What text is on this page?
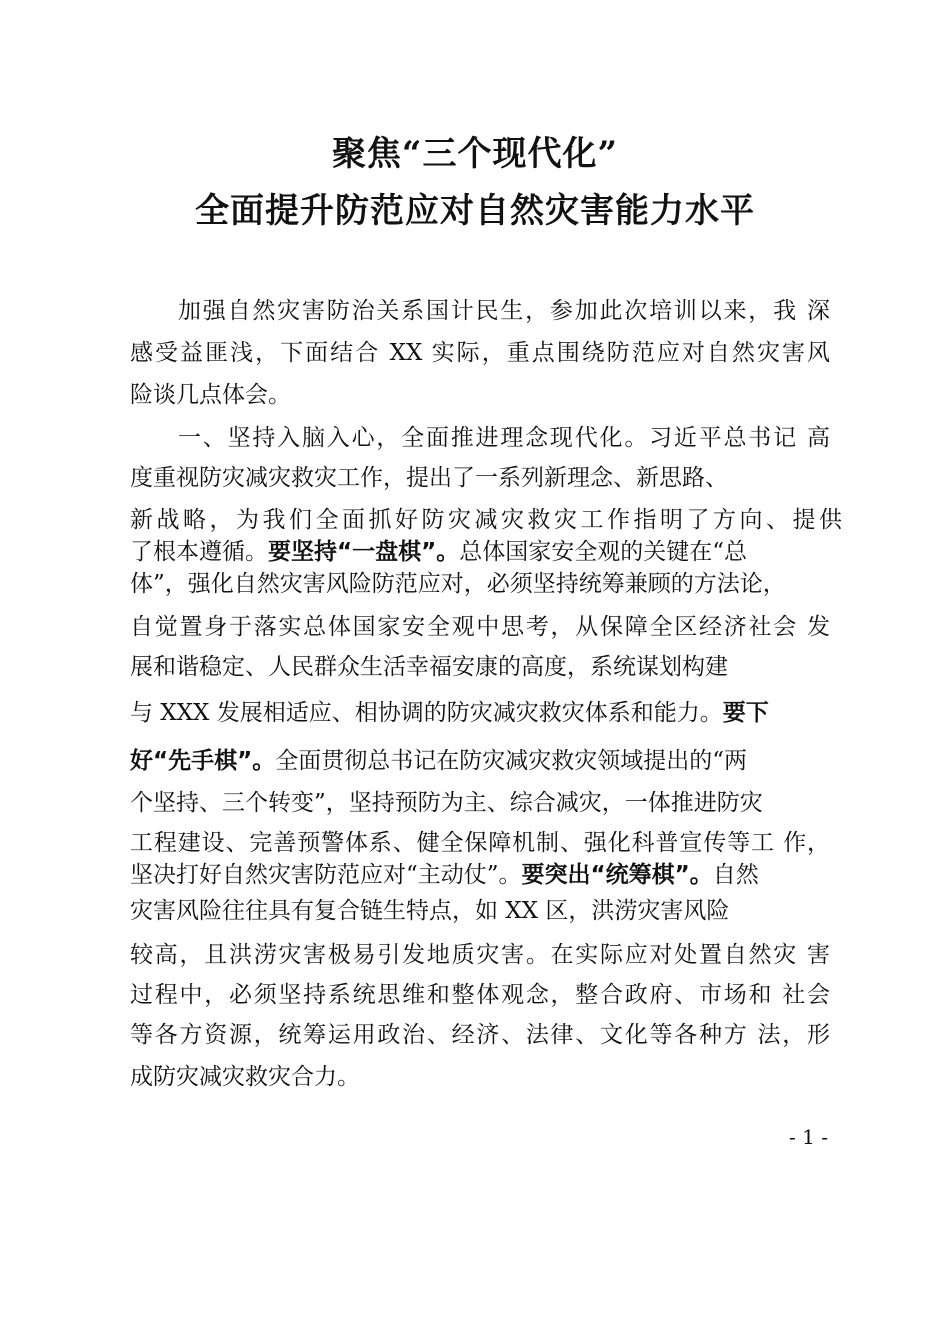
聚焦“三个现代化”
全面提升防范应对自然灾害能力水平
加强自然灾害防治关系国计民生，参加此次培训以来，我 深
感受益匪浅，下面结合 XX 实际，重点围绕防范应对自然灾害风
险谈几点体会。
一、坚持入脑入心，全面推进理念现代化。习近平总书记 高
度重视防灾减灾救灾工作，提出了一系列新理念、新思路、
新战略，为我们全面抓好防灾减灾救灾工作指明了方向、提供
了根本遵循。要坚持“一盘棋”。总体国家安全观的关键在“总
体”，强化自然灾害风险防范应对，必须坚持统筹兼顾的方法论，
自觉置身于落实总体国家安全观中思考，从保障全区经济社会 发
展和谐稳定、人民群众生活幸福安康的高度，系统谋划构建
与 XXX 发展相适应、相协调的防灾减灾救灾体系和能力。要下
好“先手棋”。全面贯彻总书记在防灾减灾救灾领域提出的“两
个坚持、三个转变”，坚持预防为主、综合减灾，一体推进防灾
工程建设、完善预警体系、健全保障机制、强化科普宣传等工 作，
坚决打好自然灾害防范应对“主动仗”。要突出“统筹棋”。自然
灾害风险往往具有复合链生特点，如 XX 区，洪涝灾害风险
较高，且洪涝灾害极易引发地质灾害。在实际应对处置自然灾 害
过程中，必须坚持系统思维和整体观念，整合政府、市场和 社会
等各方资源，统筹运用政治、经济、法律、文化等各种方 法，形
成防灾减灾救灾合力。
- 1 -
